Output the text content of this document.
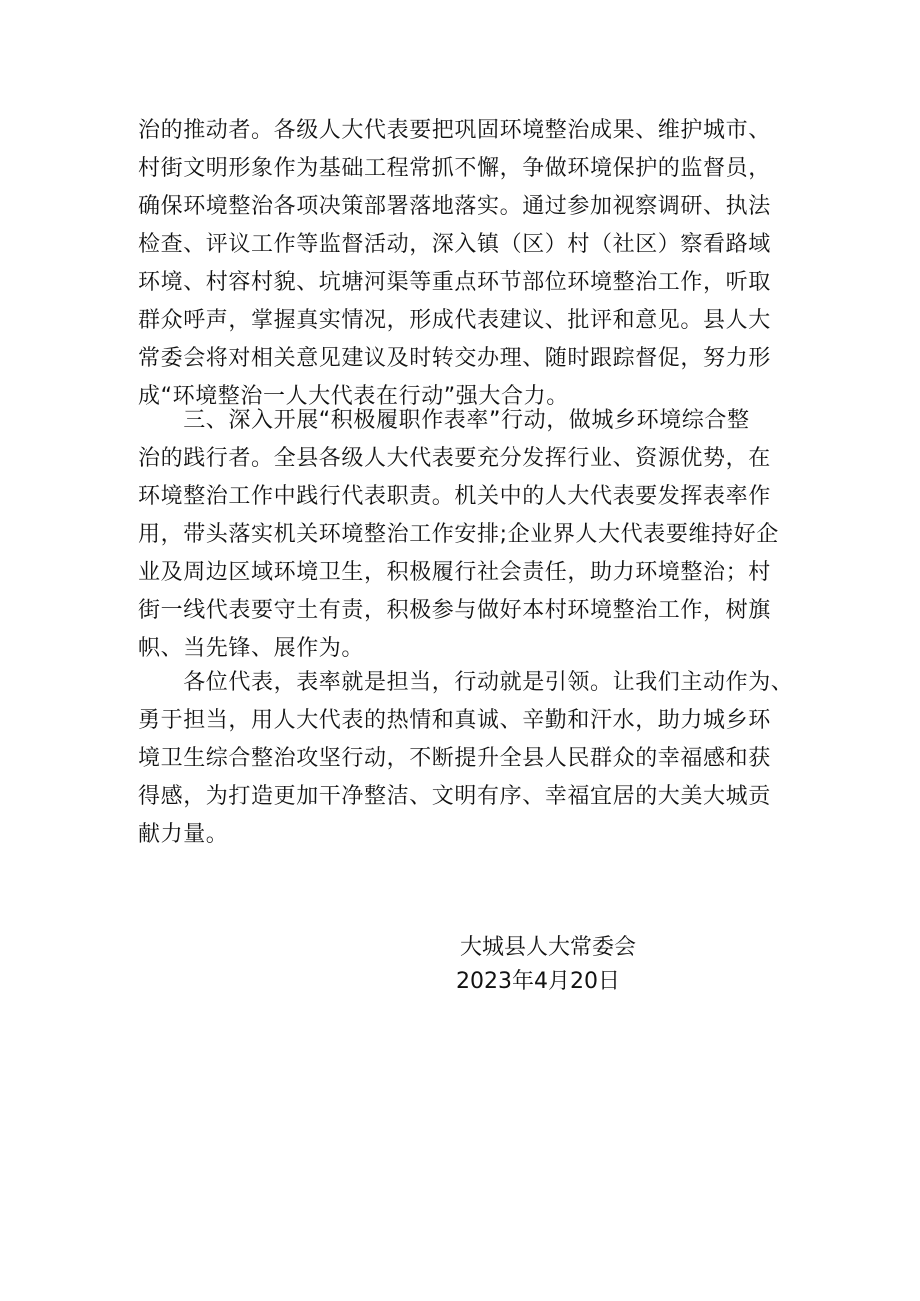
治的推动者。各级人大代表要把巩固环境整治成果、维护城市、
村街文明形象作为基础工程常抓不懈，争做环境保护的监督员，
确保环境整治各项决策部署落地落实。通过参加视察调研、执法
检查、评议工作等监督活动，深入镇（区）村（社区）察看路域
环境、村容村貌、坑塘河渠等重点环节部位环境整治工作，听取
群众呼声，掌握真实情况，形成代表建议、批评和意见。县人大
常委会将对相关意见建议及时转交办理、随时跟踪督促，努力形
成“环境整治一人大代表在行动”强大合力。
　　三、深入开展“积极履职作表率”行动，做城乡环境综合整
治的践行者。全县各级人大代表要充分发挥行业、资源优势，在
环境整治工作中践行代表职责。机关中的人大代表要发挥表率作
用，带头落实机关环境整治工作安排;企业界人大代表要维持好企
业及周边区域环境卫生，积极履行社会责任，助力环境整治；村
街一线代表要守土有责，积极参与做好本村环境整治工作，树旗
帜、当先锋、展作为。
　　各位代表，表率就是担当，行动就是引领。让我们主动作为、
勇于担当，用人大代表的热情和真诚、辛勤和汗水，助力城乡环
境卫生综合整治攻坚行动，不断提升全县人民群众的幸福感和获
得感，为打造更加干净整洁、文明有序、幸福宜居的大美大城贡
献力量。
大城县人大常委会
2023年4月20日
